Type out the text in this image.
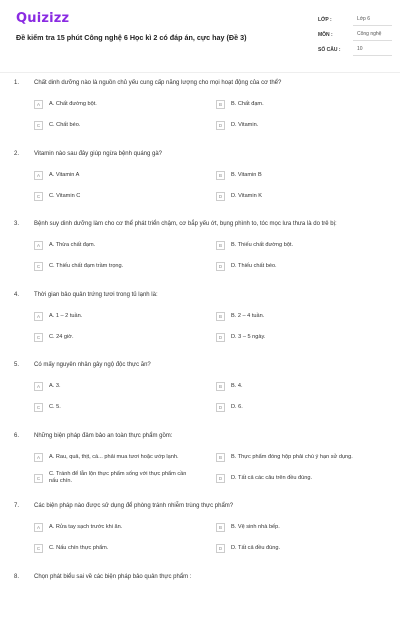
Quizizz
Đề kiểm tra 15 phút Công nghệ 6 Học kì 2 có đáp án, cực hay (Đề 3)
LỚP :	Lớp 6
MÔN :	Công nghệ
SỐ CÂU :	10
1. Chất dinh dưỡng nào là nguồn chủ yếu cung cấp năng lượng cho mọi hoạt động của cơ thể?
A	A. Chất đường bột.	B	B. Chất đạm.
C	C. Chất béo.	D	D. Vitamin.
2. Vitamin nào sau đây giúp ngừa bệnh quáng gà?
A	A. Vitamin A	B	B. Vitamin B
C	C. Vitamin C	D	D. Vitamin K
3. Bệnh suy dinh dưỡng làm cho cơ thể phát triển chậm, cơ bắp yếu ớt, bụng phình to, tóc mọc lưa thưa là do trẻ bị:
A	A. Thừa chất đạm.	B	B. Thiếu chất đường bột.
C	C. Thiếu chất đạm trầm trọng.	D	D. Thiếu chất béo.
4. Thời gian bảo quản trứng tươi trong tủ lạnh là:
A	A. 1 – 2 tuần.	B	B. 2 – 4 tuần.
C	C. 24 giờ.	D	D. 3 – 5 ngày.
5. Có mấy nguyên nhân gây ngộ độc thực ăn?
A	A. 3.	B	B. 4.
C	C. 5.	D	D. 6.
6. Những biện pháp đảm bảo an toàn thực phẩm gồm:
A	A. Rau, quả, thịt, cá... phải mua tươi hoặc ướp lạnh.	B	B. Thực phẩm đóng hộp phải chú ý hạn sử dụng.
C
C. Tránh để lẫn lộn thực phẩm sống với thực phẩm cần nấu chín.	D	D. Tất cả các câu trên đều đúng.
7. Các biện pháp nào được sử dụng để phòng tránh nhiễm trùng thực phẩm?
A	A. Rửa tay sạch trước khi ăn.	B	B. Vệ sinh nhà bếp.
C	C. Nấu chín thực phẩm.	D	D. Tất cả đều đúng.
8. Chọn phát biểu sai về các biện pháp bảo quản thực phẩm :
